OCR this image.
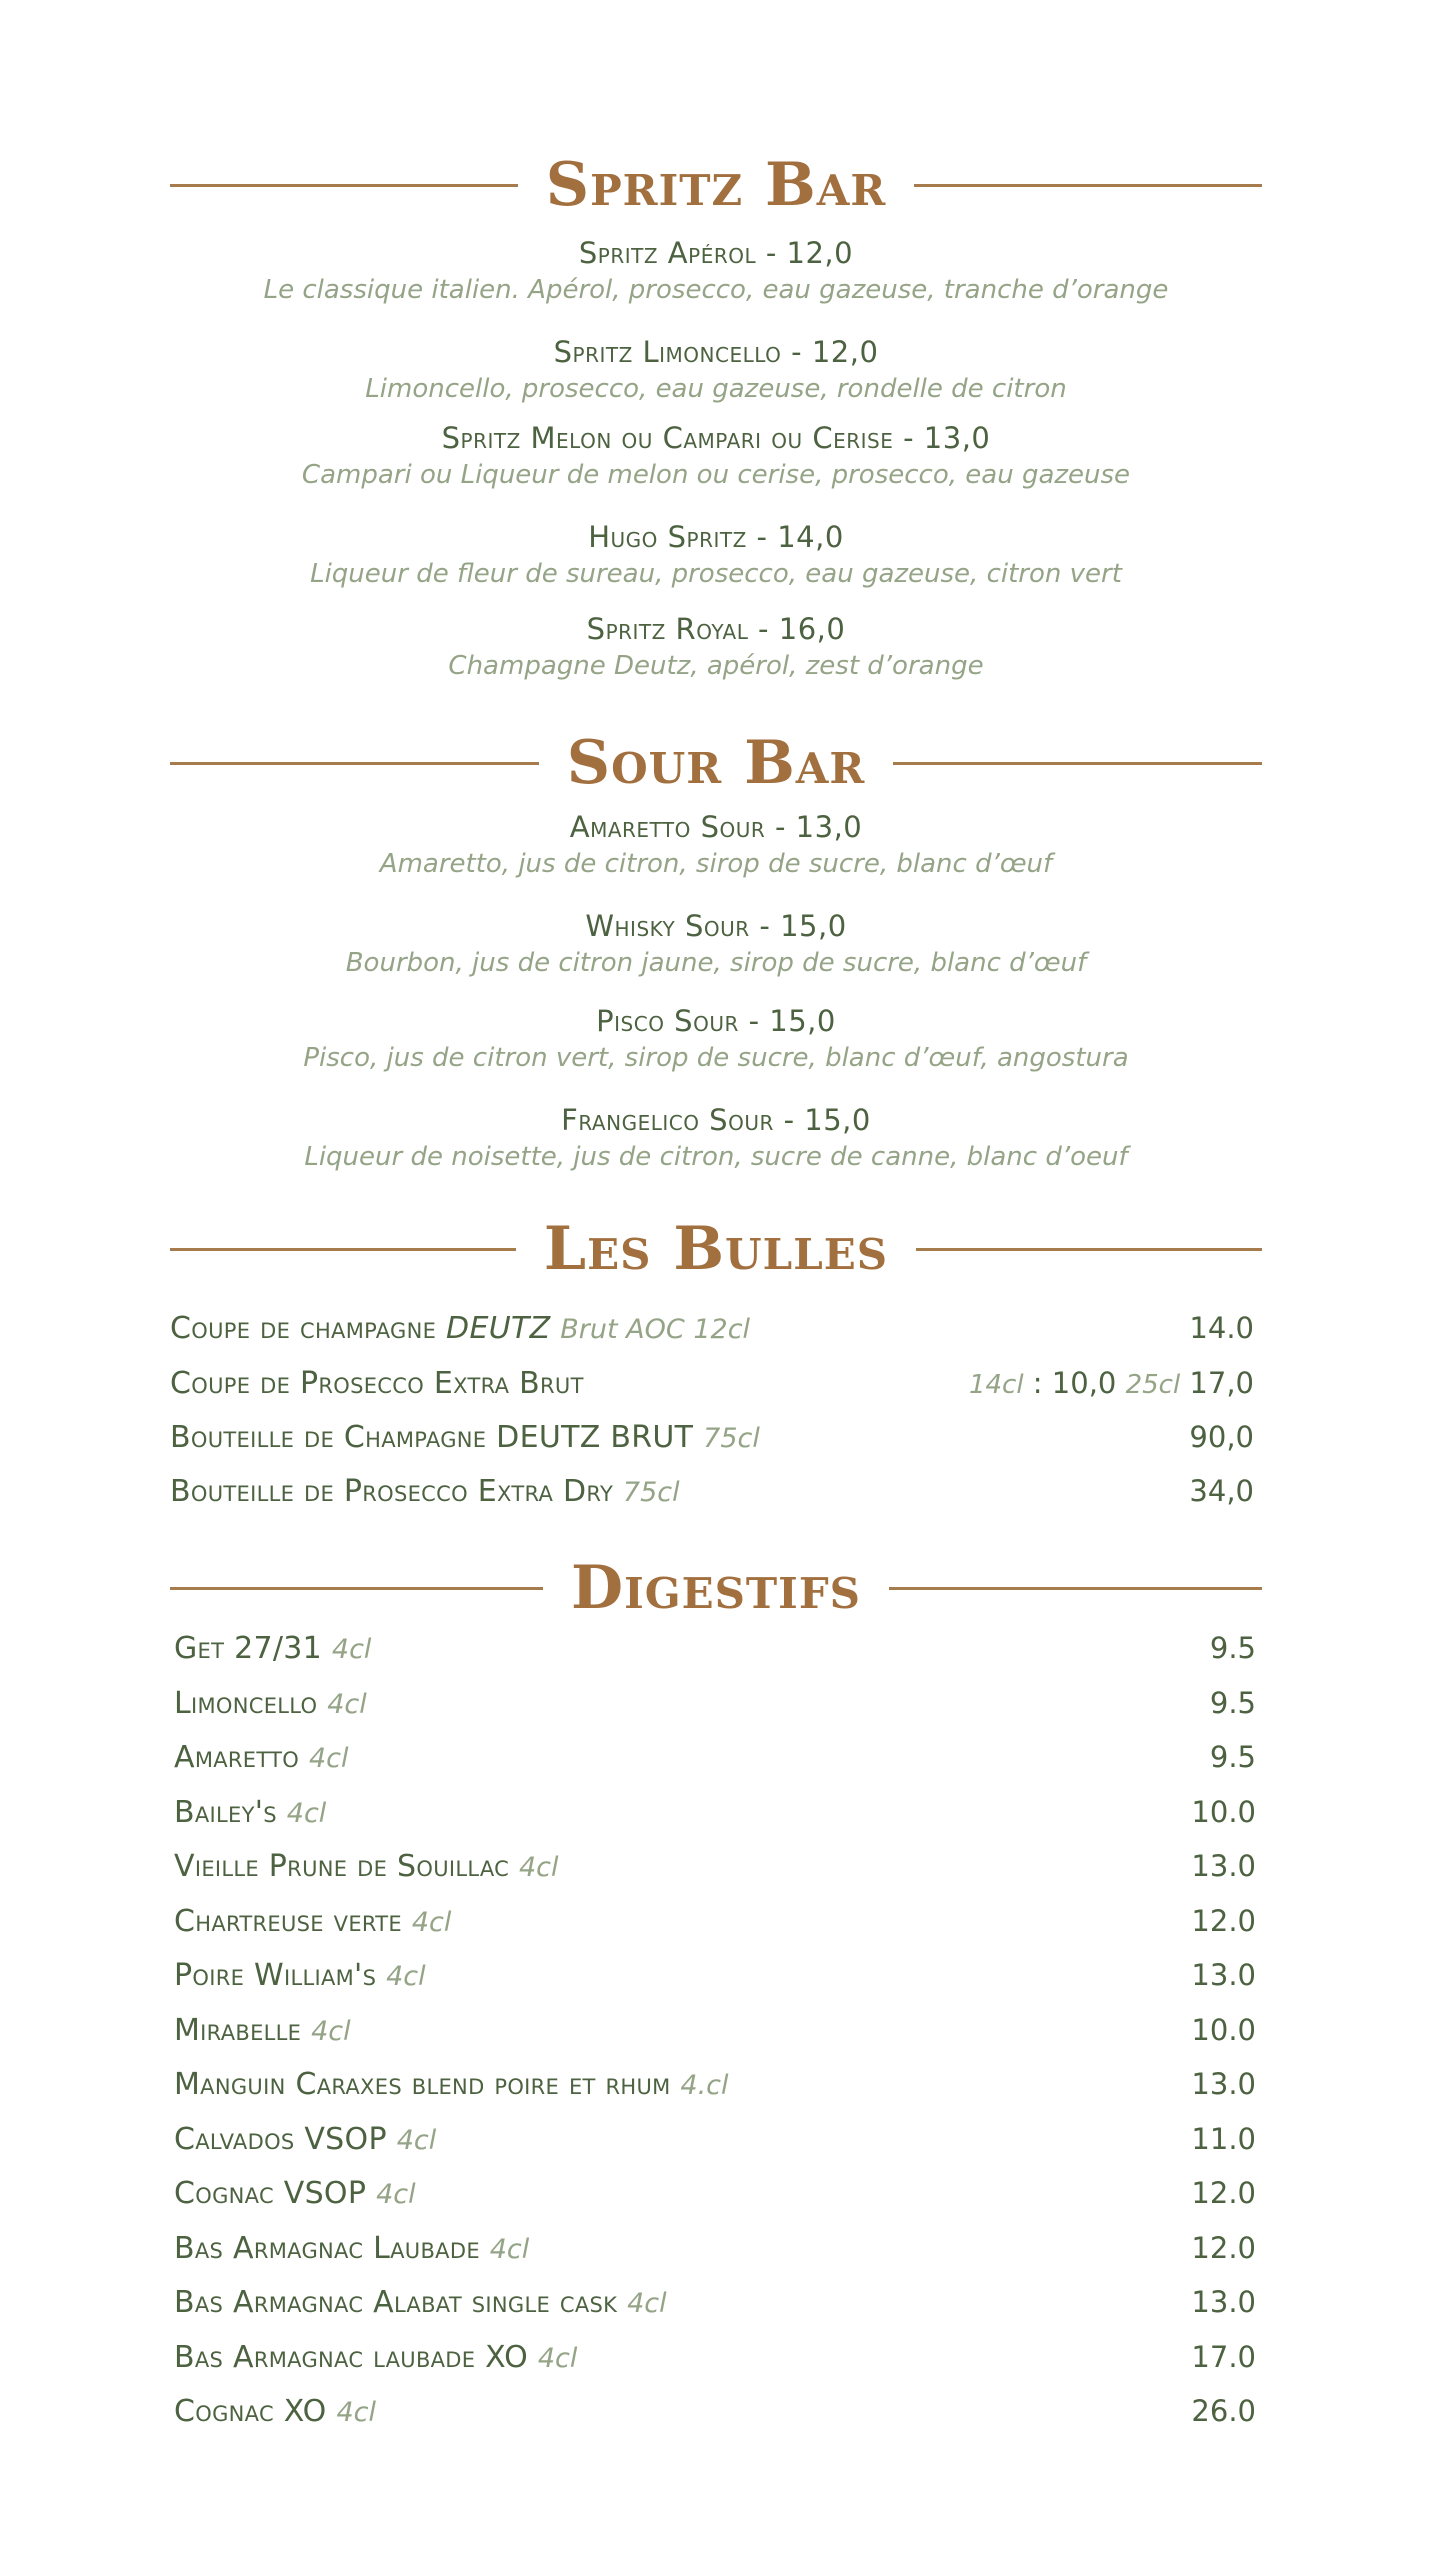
Spritz Bar
Spritz Apérol - 12,0
Le classique italien. Apérol, prosecco, eau gazeuse, tranche d’orange
Spritz Limoncello - 12,0
Limoncello, prosecco, eau gazeuse, rondelle de citron
Spritz Melon ou Campari ou Cerise - 13,0
Campari ou Liqueur de melon ou cerise, prosecco, eau gazeuse
Hugo Spritz - 14,0
Liqueur de fleur de sureau, prosecco, eau gazeuse, citron vert
Spritz Royal - 16,0
Champagne Deutz, apérol, zest d’orange
Sour Bar
Amaretto Sour - 13,0
Amaretto, jus de citron, sirop de sucre, blanc d’œuf
Whisky Sour - 15,0
Bourbon, jus de citron jaune, sirop de sucre, blanc d’œuf
Pisco Sour - 15,0
Pisco, jus de citron vert, sirop de sucre, blanc d’œuf, angostura
Frangelico Sour - 15,0
Liqueur de noisette, jus de citron, sucre de canne, blanc d’oeuf
Les Bulles
Coupe de champagne DEUTZ Brut AOC 12cl	14.0
Coupe de Prosecco Extra Brut	14cl : 10,0 25cl 17,0
Bouteille de Champagne DEUTZ BRUT 75cl	90,0
Bouteille de Prosecco Extra Dry 75cl	34,0
Digestifs
Get 27/31 4cl	9.5
Limoncello 4cl	9.5
Amaretto 4cl	9.5
Bailey's 4cl	10.0
Vieille Prune de Souillac 4cl	13.0
Chartreuse verte 4cl	12.0
Poire William's 4cl	13.0
Mirabelle 4cl	10.0
Manguin Caraxes blend poire et rhum 4.cl	13.0
Calvados VSOP 4cl	11.0
Cognac VSOP 4cl	12.0
Bas Armagnac Laubade 4cl	12.0
Bas Armagnac Alabat single cask 4cl	13.0
Bas Armagnac laubade XO 4cl	17.0
Cognac XO 4cl	26.0
